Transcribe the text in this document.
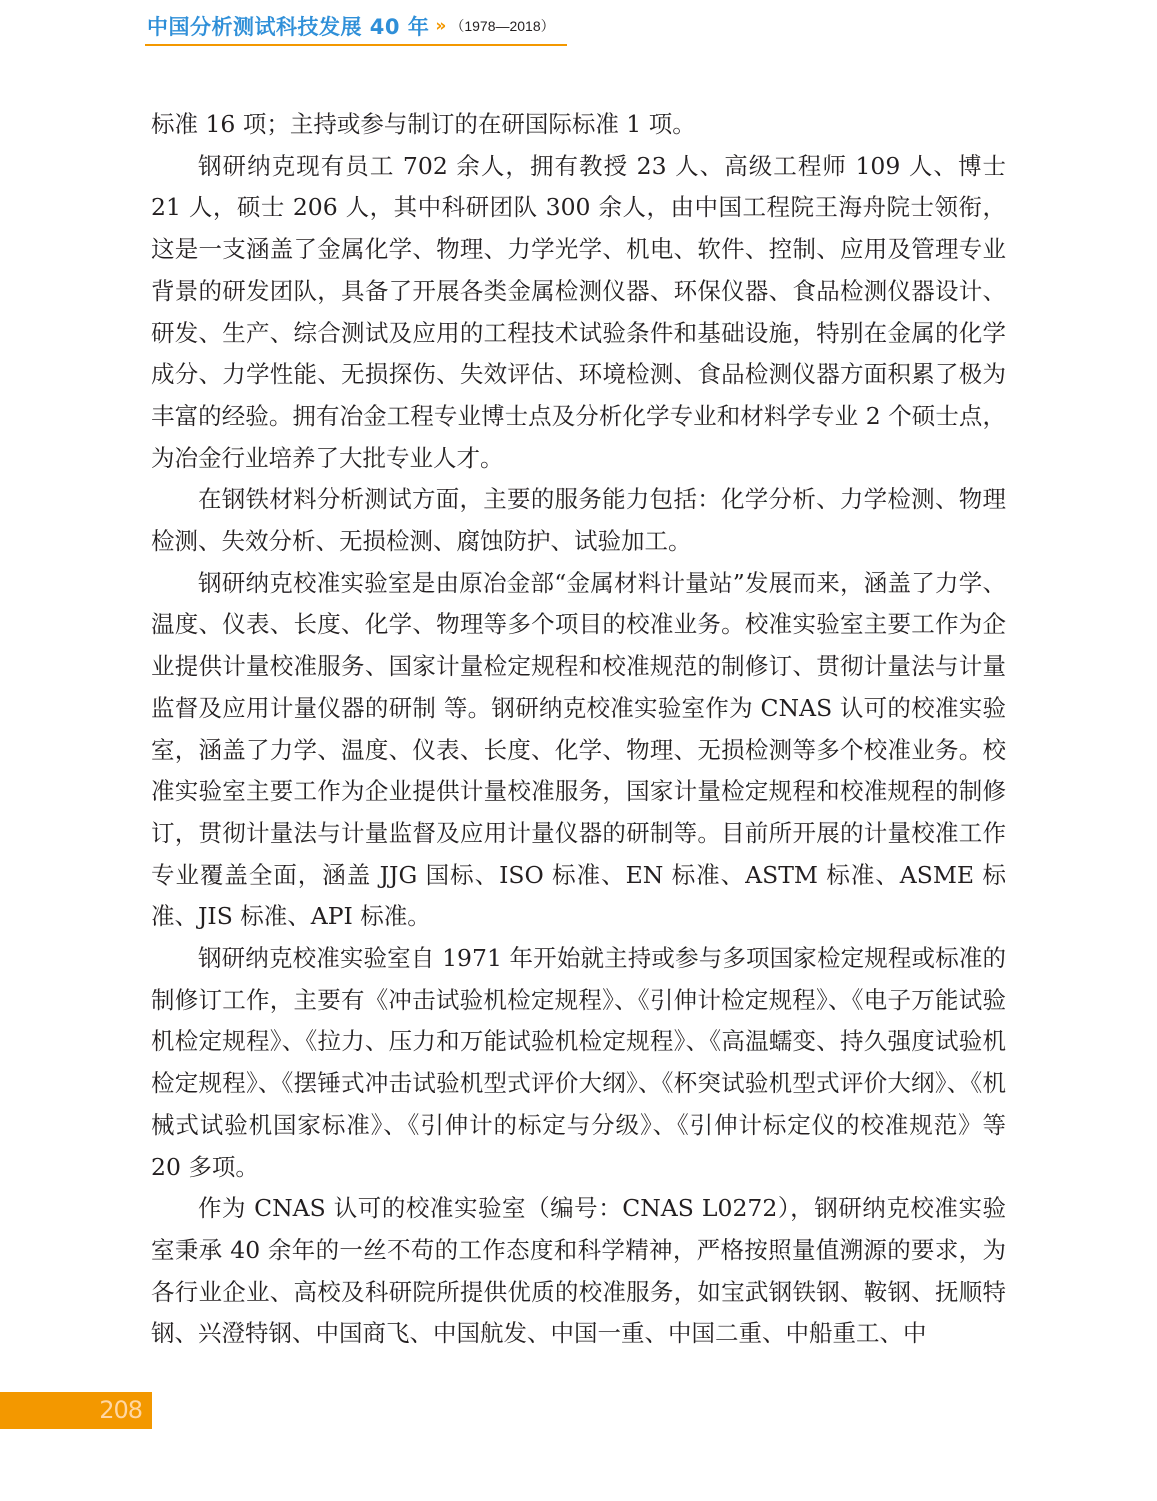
中国分析测试科技发展 40 年 » （1978—2018）

标准 16 项；主持或参与制订的在研国际标准 1 项。

钢研纳克现有员工 702 余人，拥有教授 23 人、高级工程师 109 人、博士 21 人，硕士 206 人，其中科研团队 300 余人，由中国工程院王海舟院士领衔，这是一支涵盖了金属化学、物理、力学光学、机电、软件、控制、应用及管理专业背景的研发团队，具备了开展各类金属检测仪器、环保仪器、食品检测仪器设计、研发、生产、综合测试及应用的工程技术试验条件和基础设施，特别在金属的化学成分、力学性能、无损探伤、失效评估、环境检测、食品检测仪器方面积累了极为丰富的经验。拥有冶金工程专业博士点及分析化学专业和材料学专业 2 个硕士点，为冶金行业培养了大批专业人才。

在钢铁材料分析测试方面，主要的服务能力包括：化学分析、力学检测、物理检测、失效分析、无损检测、腐蚀防护、试验加工。

钢研纳克校准实验室是由原冶金部“金属材料计量站”发展而来，涵盖了力学、温度、仪表、长度、化学、物理等多个项目的校准业务。校准实验室主要工作为企业提供计量校准服务、国家计量检定规程和校准规范的制修订、贯彻计量法与计量监督及应用计量仪器的研制 等。钢研纳克校准实验室作为 CNAS 认可的校准实验室，涵盖了力学、温度、仪表、长度、化学、物理、无损检测等多个校准业务。校准实验室主要工作为企业提供计量校准服务，国家计量检定规程和校准规程的制修订，贯彻计量法与计量监督及应用计量仪器的研制等。目前所开展的计量校准工作专业覆盖全面，涵盖 JJG 国标、ISO 标准、EN 标准、ASTM 标准、ASME 标准、JIS 标准、API 标准。

钢研纳克校准实验室自 1971 年开始就主持或参与多项国家检定规程或标准的制修订工作，主要有《冲击试验机检定规程》、《引伸计检定规程》、《电子万能试验机检定规程》、《拉力、压力和万能试验机检定规程》、《高温蠕变、持久强度试验机检定规程》、《摆锤式冲击试验机型式评价大纲》、《杯突试验机型式评价大纲》、《机械式试验机国家标准》、《引伸计的标定与分级》、《引伸计标定仪的校准规范》等 20 多项。

作为 CNAS 认可的校准实验室（编号：CNAS L0272），钢研纳克校准实验室秉承 40 余年的一丝不苟的工作态度和科学精神，严格按照量值溯源的要求，为各行业企业、高校及科研院所提供优质的校准服务，如宝武钢铁钢、鞍钢、抚顺特钢、兴澄特钢、中国商飞、中国航发、中国一重、中国二重、中船重工、中

208
